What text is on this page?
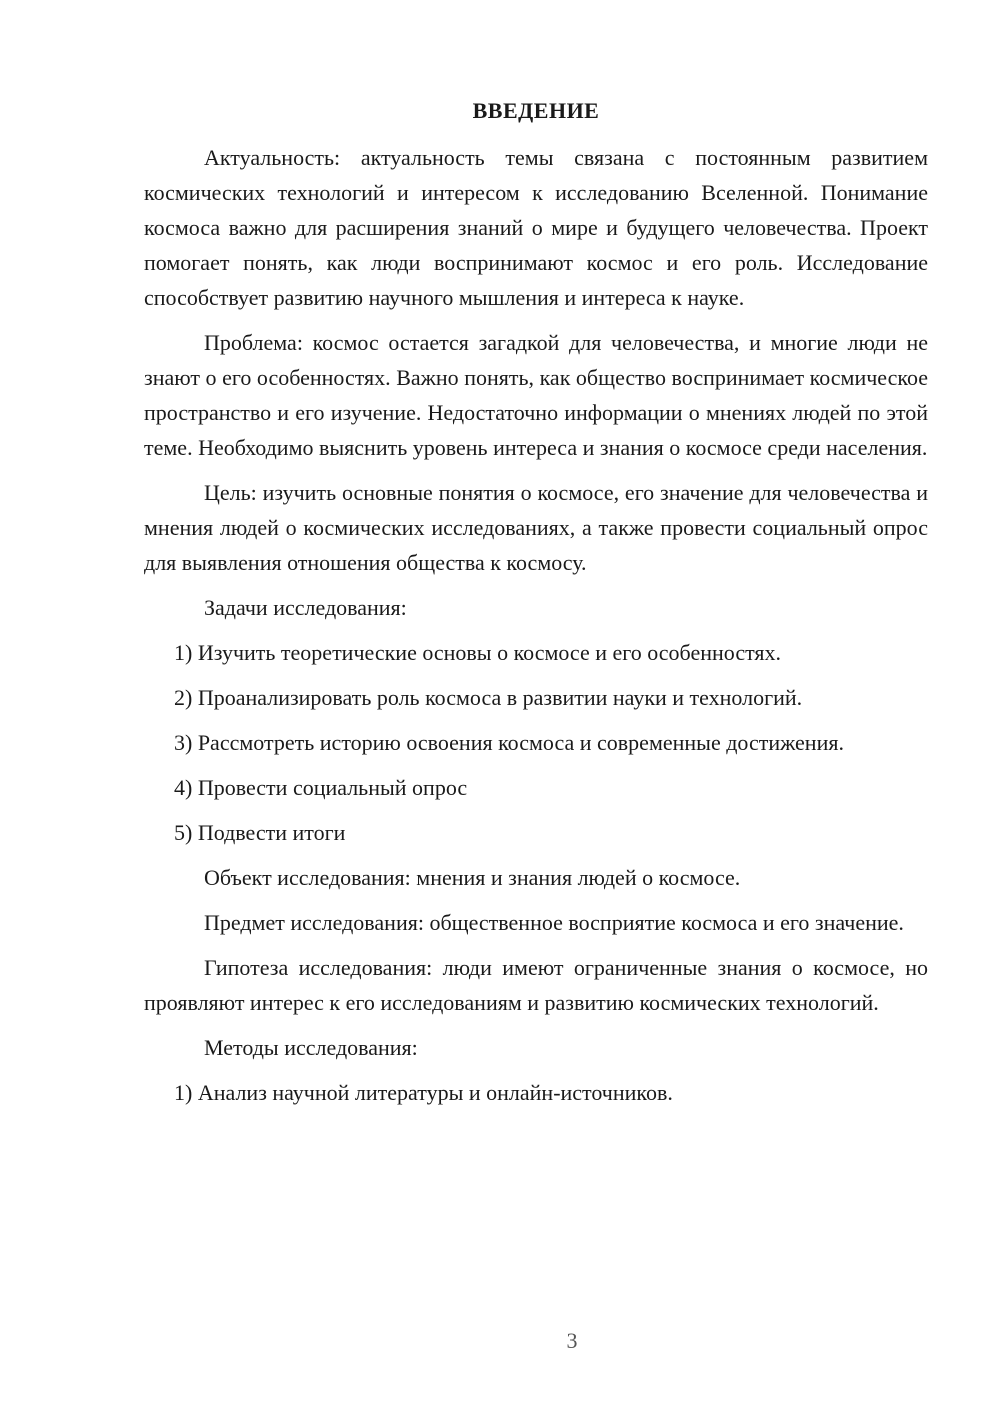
ВВЕДЕНИЕ

Актуальность: актуальность темы связана с постоянным развитием космических технологий и интересом к исследованию Вселенной. Понимание космоса важно для расширения знаний о мире и будущего человечества. Проект помогает понять, как люди воспринимают космос и его роль. Исследование способствует развитию научного мышления и интереса к науке.

Проблема: космос остается загадкой для человечества, и многие люди не знают о его особенностях. Важно понять, как общество воспринимает космическое пространство и его изучение. Недостаточно информации о мнениях людей по этой теме. Необходимо выяснить уровень интереса и знания о космосе среди населения.

Цель: изучить основные понятия о космосе, его значение для человечества и мнения людей о космических исследованиях, а также провести социальный опрос для выявления отношения общества к космосу.

Задачи исследования:

1) Изучить теоретические основы о космосе и его особенностях.
2) Проанализировать роль космоса в развитии науки и технологий.
3) Рассмотреть историю освоения космоса и современные достижения.
4) Провести социальный опрос
5) Подвести итоги

Объект исследования: мнения и знания людей о космосе.

Предмет исследования: общественное восприятие космоса и его значение.

Гипотеза исследования: люди имеют ограниченные знания о космосе, но проявляют интерес к его исследованиям и развитию космических технологий.

Методы исследования:

1) Анализ научной литературы и онлайн-источников.
3
